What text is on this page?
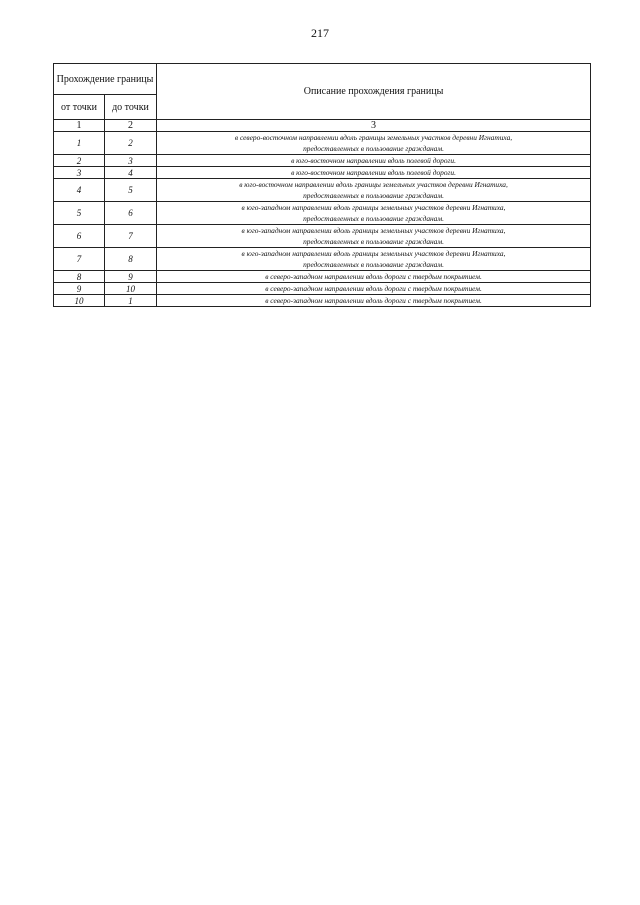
217
Прохождение границы		Описание прохождения границы
от точки	до точки	
1	2	3
1	2	в северо-восточном направлении вдоль границы земельных участков деревни Игнатиха,
предоставленных в пользование гражданам.

2	3	в юго-восточном направлении вдоль полевой дороги.

3	4	в юго-восточном направлении вдоль полевой дороги.

4	5	в юго-восточном направлении вдоль границы земельных участков деревни Игнатиха,
предоставленных в пользование гражданам.

5	6	в юго-западном направлении вдоль границы земельных участков деревни Игнатиха,
предоставленных в пользование гражданам.

6	7	в юго-западном направлении вдоль границы земельных участков деревни Игнатиха,
предоставленных в пользование гражданам.

7	8	в юго-западном направлении вдоль границы земельных участков деревни Игнатиха,
предоставленных в пользование гражданам.

8	9	в северо-западном направлении вдоль дороги с твердым покрытием.

9	10	в северо-западном направлении вдоль дороги с твердым покрытием.

10	1	в северо-западном направлении вдоль дороги с твердым покрытием.
